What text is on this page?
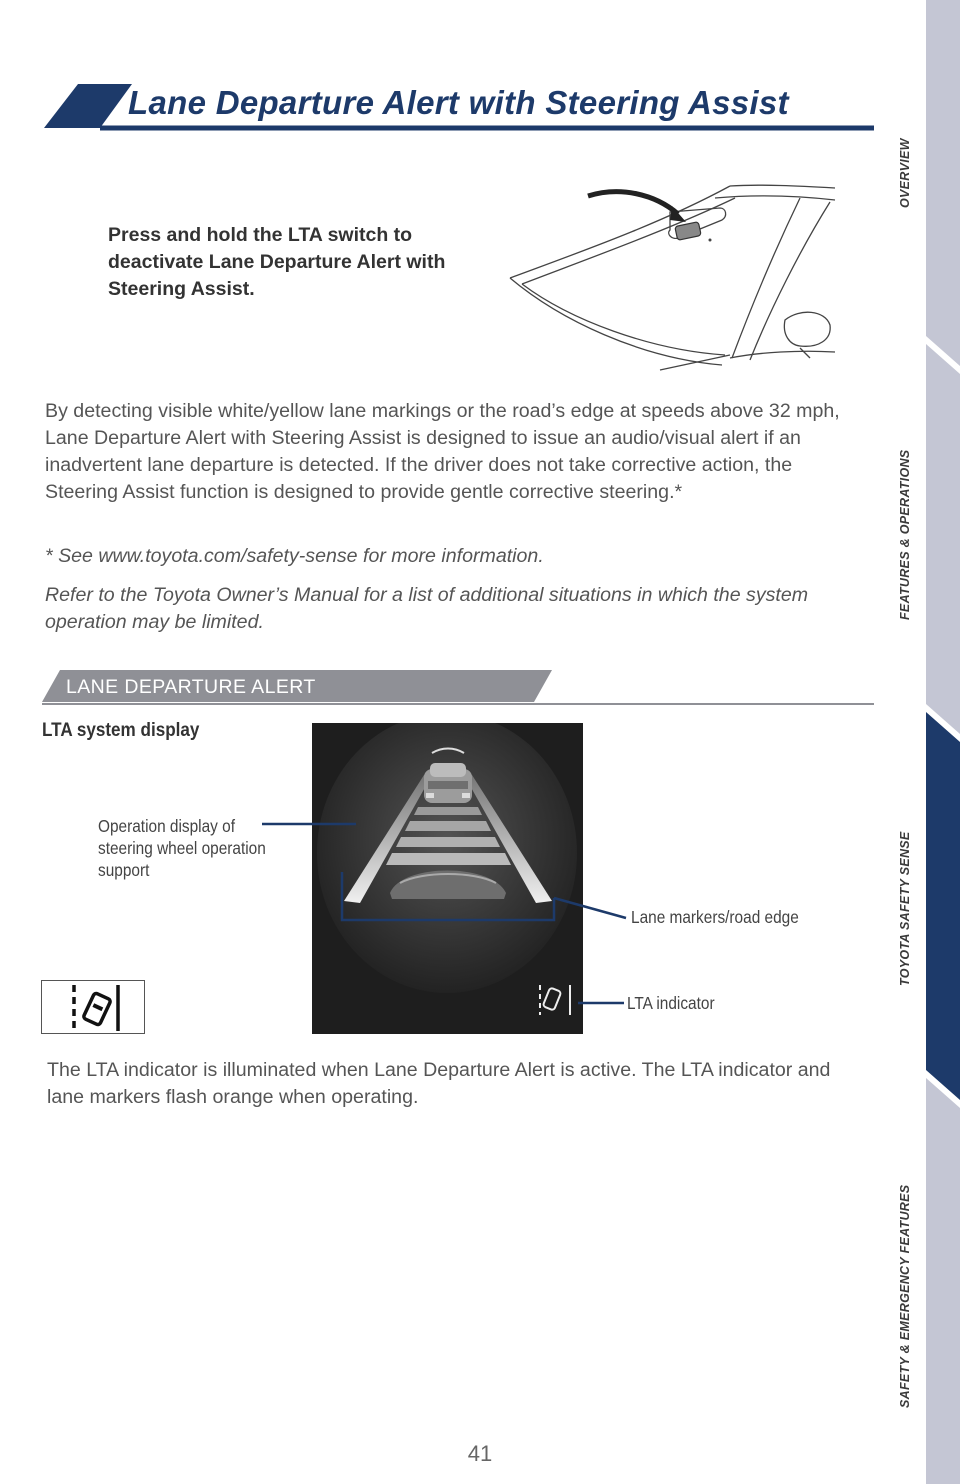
Lane Departure Alert with Steering Assist
Press and hold the LTA switch to deactivate Lane Departure Alert with Steering Assist.
By detecting visible white/yellow lane markings or the road’s edge at speeds above 32 mph, Lane Departure Alert with Steering Assist is designed to issue an audio/visual alert if an inadvertent lane departure is detected. If the driver does not take corrective action, the Steering Assist function is designed to provide gentle corrective steering.*
* See www.toyota.com/safety-sense for more information.
Refer to the Toyota Owner’s Manual for a list of additional situations in which the system operation may be limited.
LANE DEPARTURE ALERT
LTA system display
Operation display of
steering wheel operation
support
Lane markers/road edge
LTA indicator
The LTA indicator is illuminated when Lane Departure Alert is active. The LTA indicator and lane markers flash orange when operating.
41
OVERVIEW
FEATURES & OPERATIONS
TOYOTA SAFETY SENSE
SAFETY & EMERGENCY FEATURES
